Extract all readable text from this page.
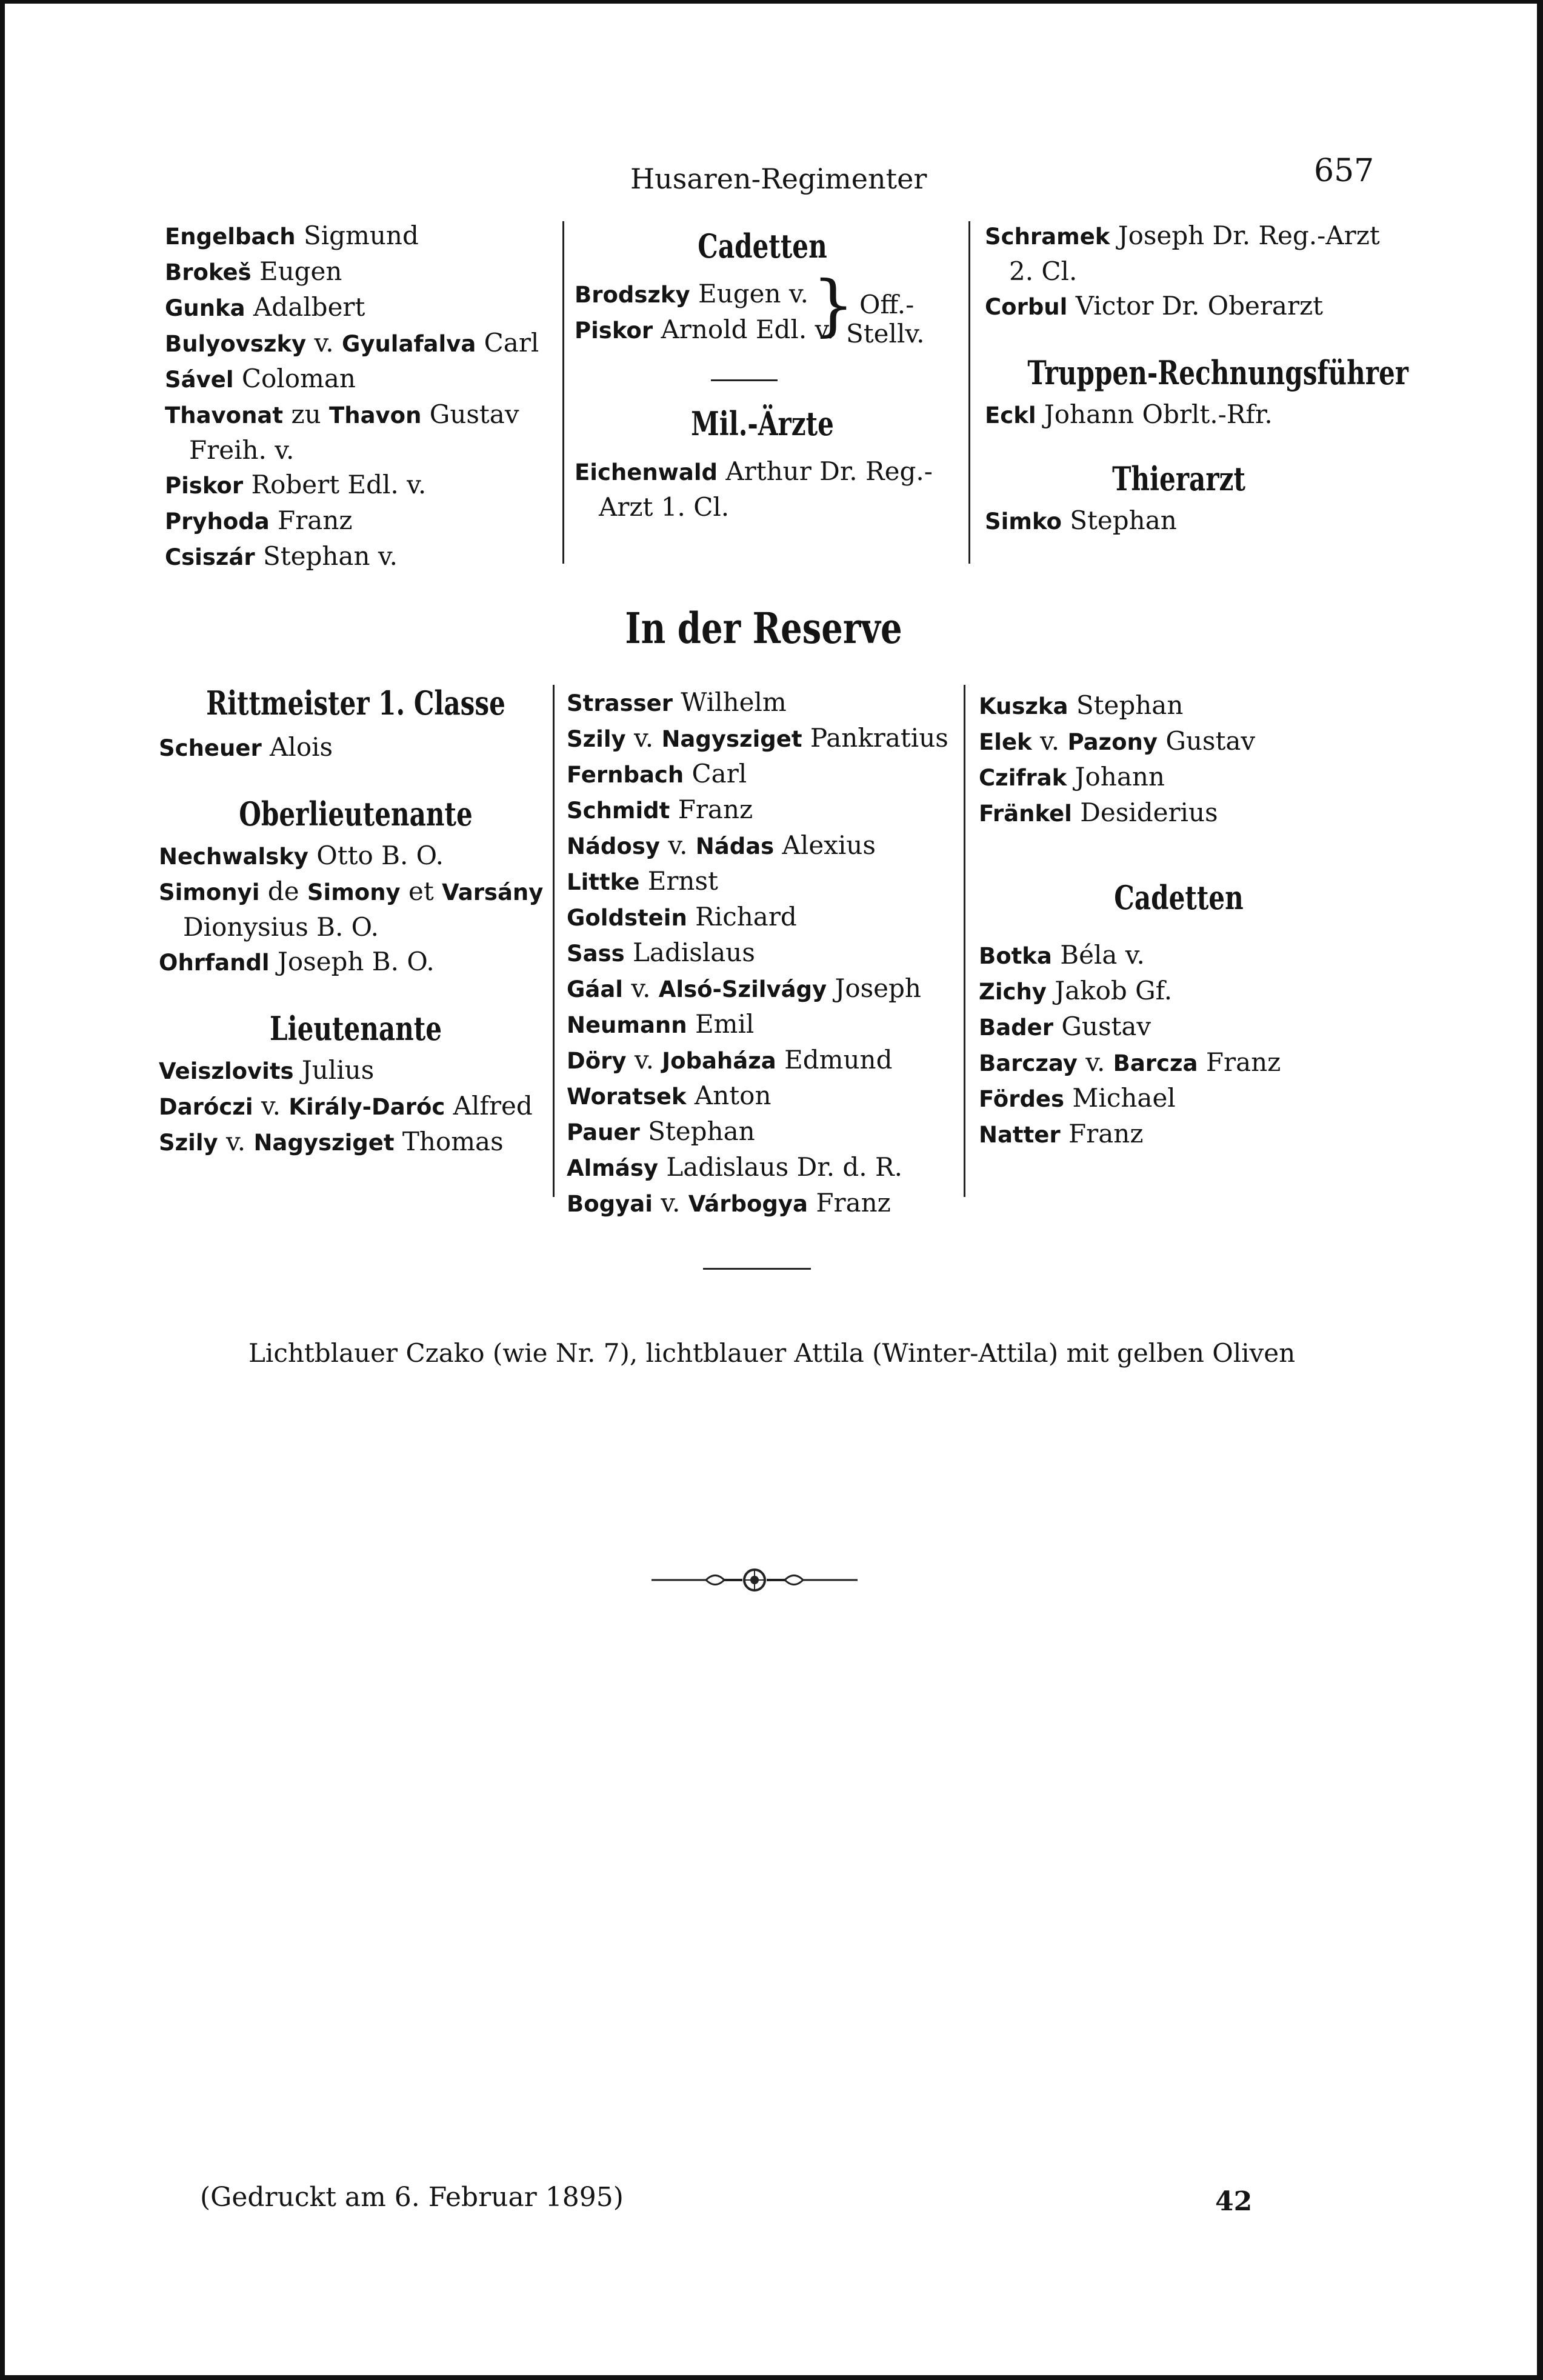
Husaren-Regimenter	657
Engelbach Sigmund
Brokeš Eugen
Gunka Adalbert
Bulyovszky v. Gyulafalva Carl
Sável Coloman
Thavonat zu Thavon Gustav
Freih. v.
Piskor Robert Edl. v.
Pryhoda Franz
Csiszár Stephan v.
Cadetten
Brodszky Eugen v.
Piskor Arnold Edl. v.
} Off.-
Stellv.
Mil.-Ärzte
Eichenwald Arthur Dr. Reg.-
Arzt 1. Cl.
Schramek Joseph Dr. Reg.-Arzt
2. Cl.
Corbul Victor Dr. Oberarzt
Truppen-Rechnungsführer
Eckl Johann Obrlt.-Rfr.
Thierarzt
Simko Stephan
In der Reserve
Rittmeister 1. Classe
Scheuer Alois
Oberlieutenante
Nechwalsky Otto B. O.
Simonyi de Simony et Varsány
Dionysius B. O.
Ohrfandl Joseph B. O.
Lieutenante
Veiszlovits Julius
Daróczi v. Király-Daróc Alfred
Szily v. Nagysziget Thomas
Strasser Wilhelm
Szily v. Nagysziget Pankratius
Fernbach Carl
Schmidt Franz
Nádosy v. Nádas Alexius
Littke Ernst
Goldstein Richard
Sass Ladislaus
Gáal v. Alsó-Szilvágy Joseph
Neumann Emil
Döry v. Jobaháza Edmund
Woratsek Anton
Pauer Stephan
Almásy Ladislaus Dr. d. R.
Bogyai v. Várbogya Franz
Kuszka Stephan
Elek v. Pazony Gustav
Czifrak Johann
Fränkel Desiderius
Cadetten
Botka Béla v.
Zichy Jakob Gf.
Bader Gustav
Barczay v. Barcza Franz
Fördes Michael
Natter Franz
Lichtblauer Czako (wie Nr. 7), lichtblauer Attila (Winter-Attila) mit gelben Oliven
(Gedruckt am 6. Februar 1895)	42
